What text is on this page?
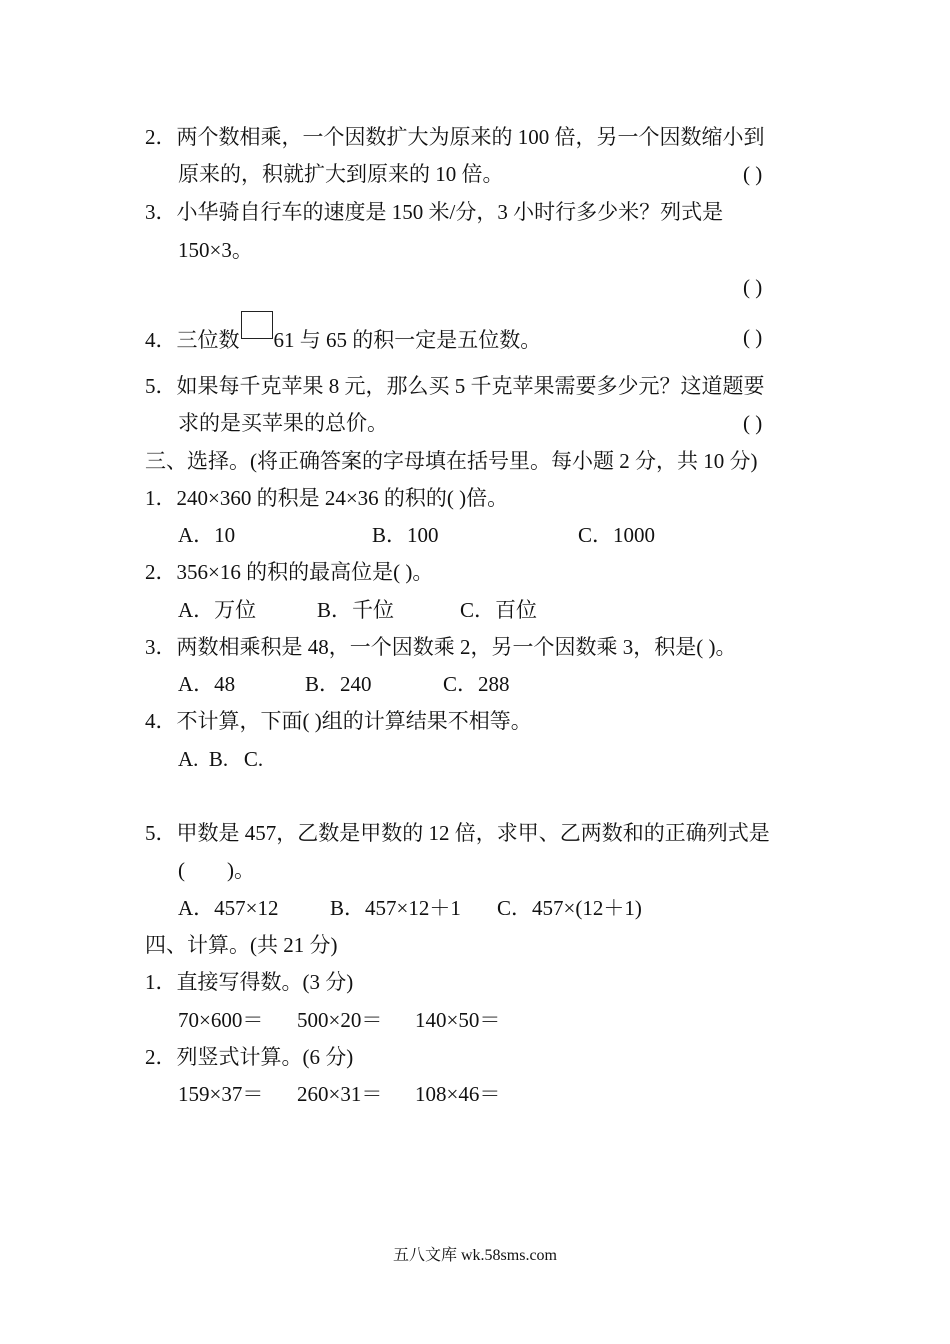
2．两个数相乘，一个因数扩大为原来的 100 倍，另一个因数缩小到
原来的，积就扩大到原来的 10 倍。	( )
3．小华骑自行车的速度是 150 米/分，3 小时行多少米？列式是
150×3。
( )
4．三位数 61 与 65 的积一定是五位数。	( )
5．如果每千克苹果 8 元，那么买 5 千克苹果需要多少元？这道题要
求的是买苹果的总价。	( )
三、选择。(将正确答案的字母填在括号里。每小题 2 分，共 10 分)
1．240×360 的积是 24×36 的积的( )倍。
A．10	B．100	C．1000
2．356×16 的积的最高位是( )。
A．万位	B．千位	C．百位
3．两数相乘积是 48，一个因数乘 2，另一个因数乘 3，积是( )。
A．48	B．240	C．288
4．不计算，下面( )组的计算结果不相等。
A.  B.   C.
5．甲数是 457，乙数是甲数的 12 倍，求甲、乙两数和的正确列式是
(        )。
A．457×12 B．457×12＋1 C．457×(12＋1)
四、计算。(共 21 分)
1．直接写得数。(3 分)
70×600＝ 500×20＝ 140×50＝
2．列竖式计算。(6 分)
159×37＝ 260×31＝ 108×46＝
五八文库 wk.58sms.com
